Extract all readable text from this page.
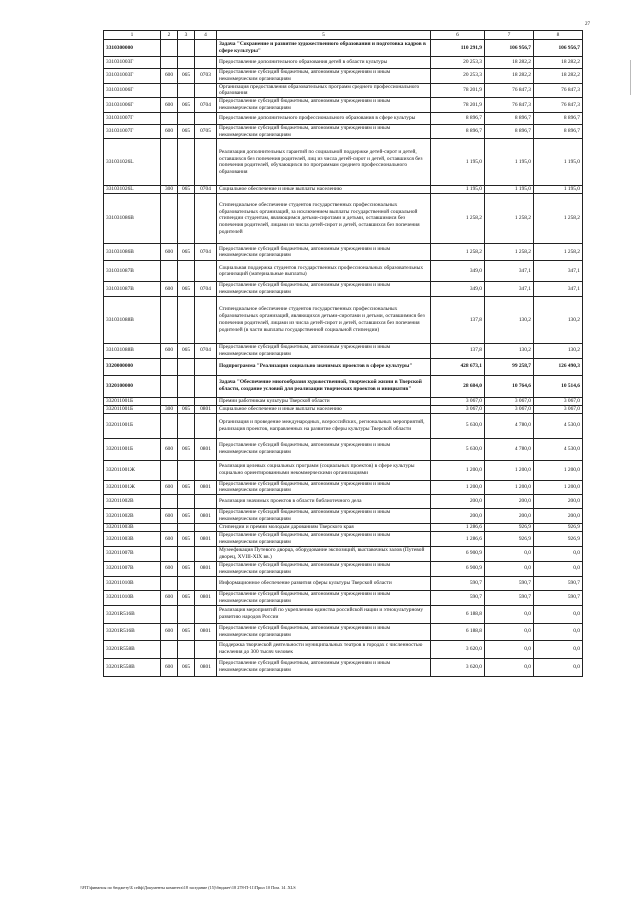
27
1	2	3	4	5	6	7	8
3310300000				Задача "Сохранение и развитие художественного образования и подготовка кадров в сфере культуры"	110 291,9	106 956,7	106 956,7
331031003Г				Предоставление дополнительного образования детей в области культуры	20 253,3	18 282,2	18 282,2
331031003Г	600	065	0703	Предоставление субсидий бюджетным, автономным учреждениям и иным некоммерческим организациям	20 253,3	18 282,2	18 282,2
331031006Г				Организация предоставления образовательных программ среднего профессионального образования	78 201,9	76 847,3	76 847,3
331031006Г	600	065	0704	Предоставление субсидий бюджетным, автономным учреждениям и иным некоммерческим организациям	78 201,9	76 847,3	76 847,3
331031007Г				Предоставление дополнительного профессионального образования в сфере культуры	8 896,7	8 896,7	8 896,7
331031007Г	600	065	0705	Предоставление субсидий бюджетным, автономным учреждениям и иным некоммерческим организациям	8 896,7	8 896,7	8 896,7
331031026L				Реализация дополнительных гарантий по социальной поддержке детей-сирот и детей, оставшихся без попечения родителей, лиц из числа детей-сирот и детей, оставшихся без попечения родителей, обучающихся по программам среднего профессионального образования	1 195,0	1 195,0	1 195,0
331031026L	300	065	0704	Социальное обеспечение и иные выплаты населению	1 195,0	1 195,0	1 195,0
331031086В				Стипендиальное обеспечение студентов государственных профессиональных образовательных организаций, за исключением выплаты государственной социальной стипендии студентам, являющимся детьми-сиротами и детьми, оставшимися без попечения родителей, лицами из числа детей-сирот и детей, оставшихся без попечения родителей	1 258,2	1 258,2	1 258,2
331031086В	600	065	0704	Предоставление субсидий бюджетным, автономным учреждениям и иным некоммерческим организациям	1 258,2	1 258,2	1 258,2
331031087В				Социальная поддержка студентов государственных профессиональных образовательных организаций (материальные выплаты)	349,0	347,1	347,1
331031087В	600	065	0704	Предоставление субсидий бюджетным, автономным учреждениям и иным некоммерческим организациям	349,0	347,1	347,1
331031088В				Стипендиальное обеспечение студентов государственных профессиональных образовательных организаций, являющихся детьми-сиротами и детьми, оставшимися без попечения родителей, лицами из числа детей-сирот и детей, оставшихся без попечения родителей (в части выплаты государственной социальной стипендии)	137,8	130,2	130,2
331031088В	600	065	0704	Предоставление субсидий бюджетным, автономным учреждениям и иным некоммерческим организациям	137,8	130,2	130,2
3320000000				Подпрограмма "Реализация социально значимых проектов в сфере культуры"	428 673,1	99 258,7	126 490,3
3320100000				Задача "Обеспечение многообразия художественной, творческой жизни в Тверской области, создание условий для реализации творческих проектов и инициатив"	28 684,0	10 764,6	10 514,6
332011001Б				Премии работникам культуры Тверской области	3 067,0	3 067,0	3 067,0
332011001Б	300	065	0801	Социальное обеспечение и иные выплаты населению	3 067,0	3 067,0	3 067,0
332011001Б				Организация и проведение международных, всероссийских, региональных мероприятий, реализация проектов, направленных на развитие сферы культуры Тверской области	5 630,0	4 780,0	4 530,0
332011001Б	600	065	0801	Предоставление субсидий бюджетным, автономным учреждениям и иным некоммерческим организациям	5 630,0	4 780,0	4 530,0
332011001Ж				Реализация целевых социальных программ (социальных проектов) в сфере культуры социально ориентированными некоммерческими организациями	1 200,0	1 200,0	1 200,0
332011001Ж	600	065	0801	Предоставление субсидий бюджетным, автономным учреждениям и иным некоммерческим организациям	1 200,0	1 200,0	1 200,0
332011002В				Реализация значимых проектов в области библиотечного дела	200,0	200,0	200,0
332011002В	600	065	0801	Предоставление субсидий бюджетным, автономным учреждениям и иным некоммерческим организациям	200,0	200,0	200,0
332011003В				Стипендии и премии молодым дарованиям Тверского края	1 286,6	926,9	926,9
332011003В	600	065	0801	Предоставление субсидий бюджетным, автономным учреждениям и иным некоммерческим организациям	1 286,6	926,9	926,9
332011007В				Музеефикация Путевого дворца, оборудование экспозиций, выставочных залов (Путевой дворец, XVIII-XIX вв.)	6 900,9	0,0	0,0
332011007В	600	065	0801	Предоставление субсидий бюджетным, автономным учреждениям и иным некоммерческим организациям	6 900,9	0,0	0,0
332011010В				Информационное обеспечение развития сферы культуры Тверской области	590,7	590,7	590,7
332011010В	600	065	0801	Предоставление субсидий бюджетным, автономным учреждениям и иным некоммерческим организациям	590,7	590,7	590,7
33201R516В				Реализация мероприятий по укреплению единства российской нации и этнокультурному развитию народов России	6 188,8	0,0	0,0
33201R516В	600	065	0801	Предоставление субсидий бюджетным, автономным учреждениям и иным некоммерческим организациям	6 188,8	0,0	0,0
33201R558В				Поддержка творческой деятельности муниципальных театров в городах с численностью населения до 300 тысяч человек	3 620,0	0,0	0,0
33201R558В	600	065	0801	Предоставление субсидий бюджетным, автономным учреждениям и иным некоммерческим организациям	3 620,0	0,0	0,0
\\FIT\финансы по бюджету\Б сейф\Документы комитета\18 заседание (15)\бюджет\18 278-П-11\Прил 10 Пом. 14 .XLS
